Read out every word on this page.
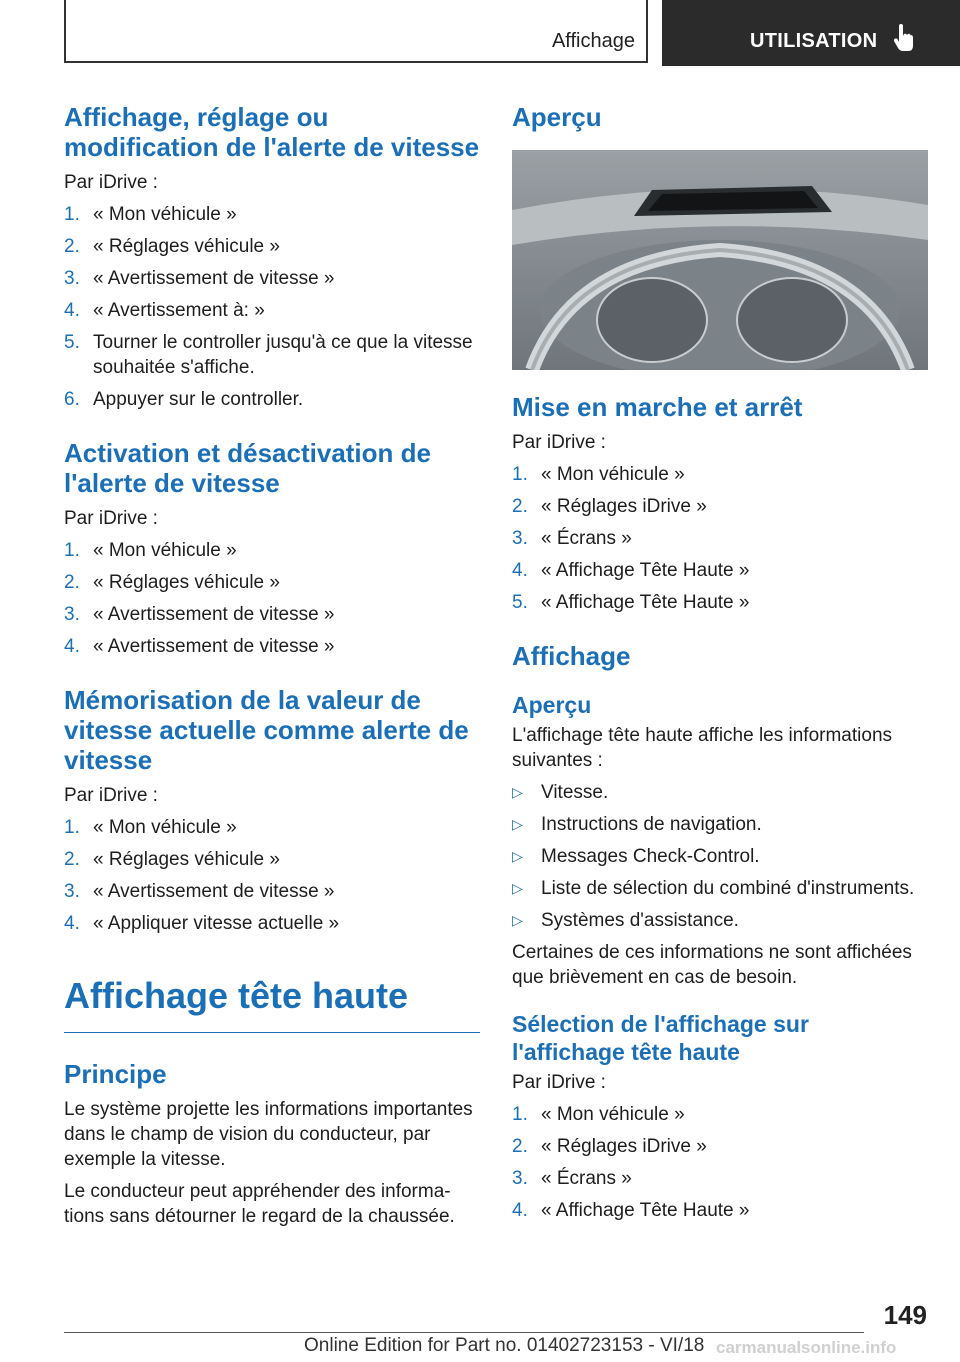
Affichage	UTILISATION
Affichage, réglage ou modification de l'alerte de vitesse

Par iDrive :

1. « Mon véhicule »
2. « Réglages véhicule »
3. « Avertissement de vitesse »
4. « Avertissement à: »
5. Tourner le controller jusqu'à ce que la vitesse souhaitée s'affiche.
6. Appuyer sur le controller.
Activation et désactivation de l'alerte de vitesse

Par iDrive :

1. « Mon véhicule »
2. « Réglages véhicule »
3. « Avertissement de vitesse »
4. « Avertissement de vitesse »
Mémorisation de la valeur de vitesse actuelle comme alerte de vitesse

Par iDrive :

1. « Mon véhicule »
2. « Réglages véhicule »
3. « Avertissement de vitesse »
4. « Appliquer vitesse actuelle »
Affichage tête haute
Principe

Le système projette les informations importantes dans le champ de vision du conducteur, par exemple la vitesse.

Le conducteur peut appréhender des informa-tions sans détourner le regard de la chaussée.

Aperçu
Mise en marche et arrêt

Par iDrive :

1. « Mon véhicule »
2. « Réglages iDrive »
3. « Écrans »
4. « Affichage Tête Haute »
5. « Affichage Tête Haute »
Affichage
Aperçu

L'affichage tête haute affiche les informations suivantes :

▷ Vitesse.
▷ Instructions de navigation.
▷ Messages Check-Control.
▷ Liste de sélection du combiné d'instruments.
▷ Systèmes d'assistance.

Certaines de ces informations ne sont affichées que brièvement en cas de besoin.

Sélection de l'affichage sur l'affichage tête haute

Par iDrive :

1. « Mon véhicule »
2. « Réglages iDrive »
3. « Écrans »
4. « Affichage Tête Haute »
149
Online Edition for Part no. 01402723153 - VI/18 carmanualsonline.info
